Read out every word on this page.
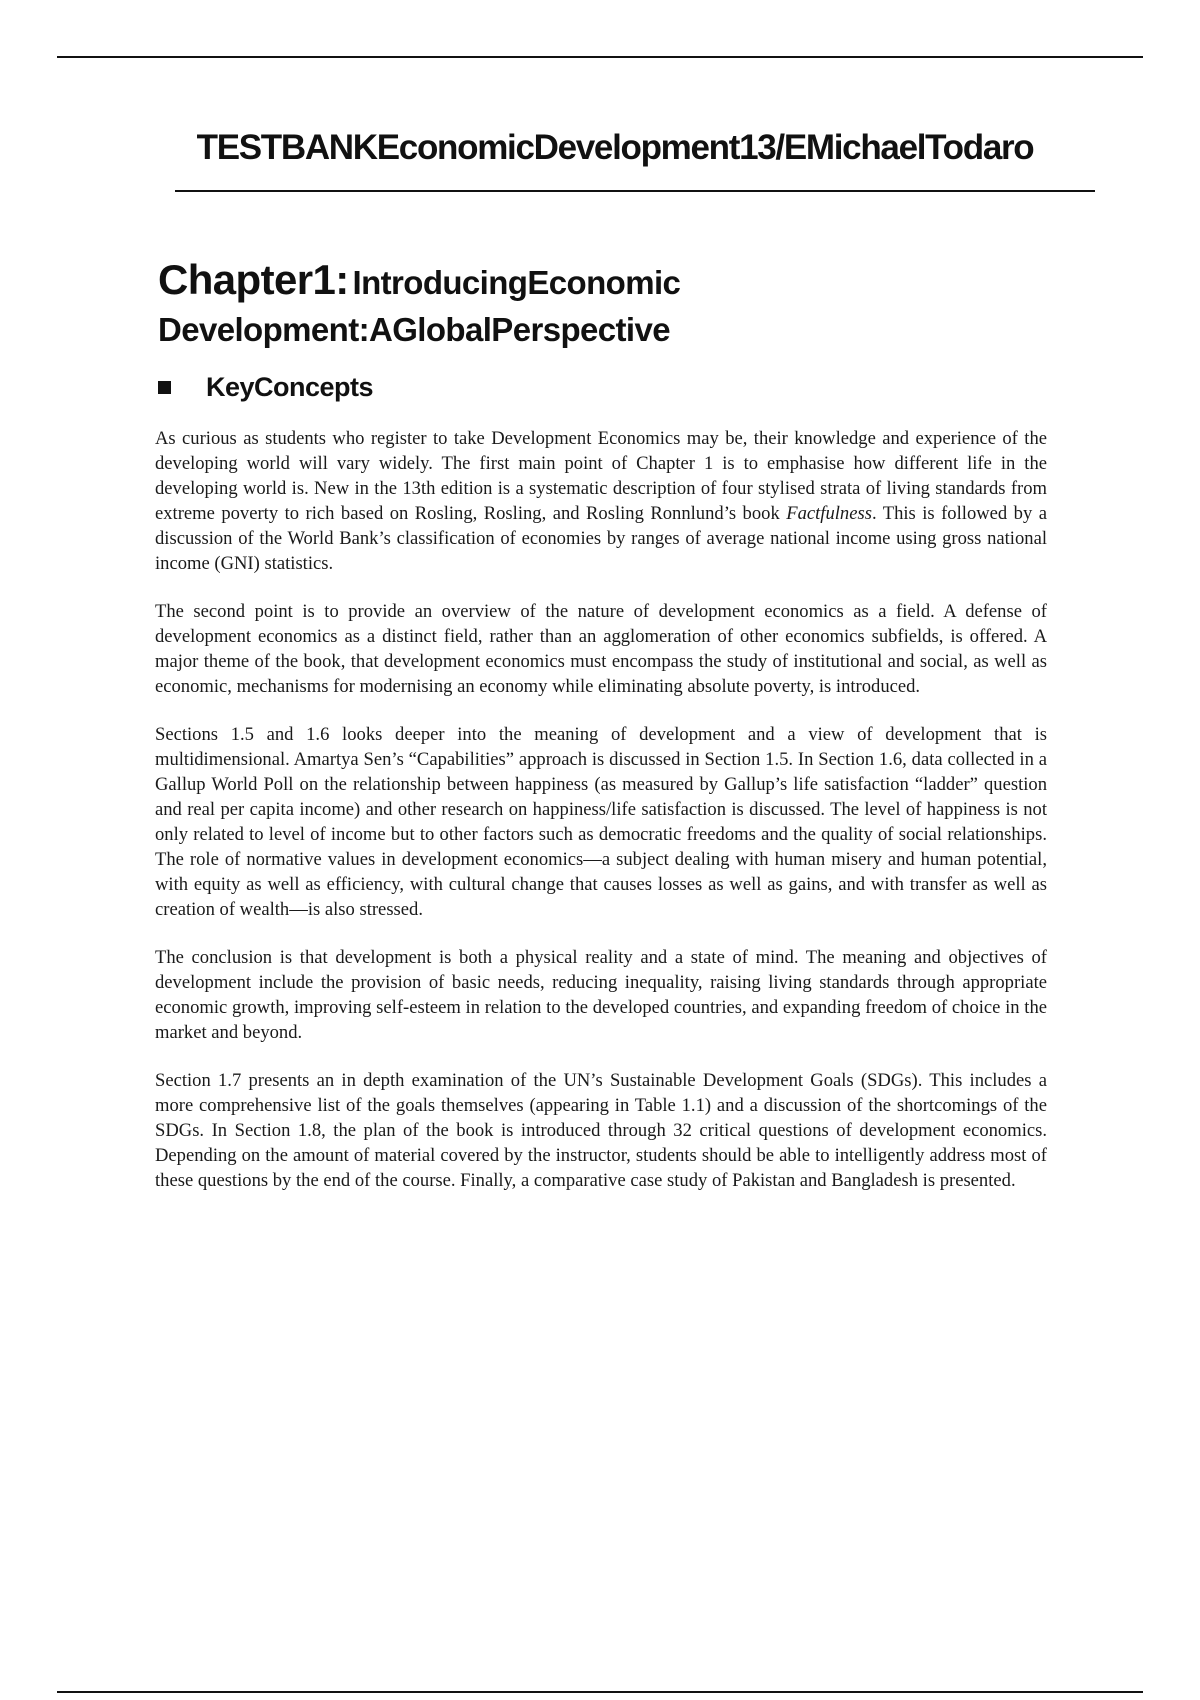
TESTBANKEconomicDevelopment13/EMichaelTodaro
Chapter1: IntroducingEconomic
Development:AGlobalPerspective
KeyConcepts

As curious as students who register to take Development Economics may be, their knowledge and experience of the developing world will vary widely. The first main point of Chapter 1 is to emphasise how different life in the developing world is. New in the 13th edition is a systematic description of four stylised strata of living standards from extreme poverty to rich based on Rosling, Rosling, and Rosling Ronnlund’s book Factfulness. This is followed by a discussion of the World Bank’s classification of economies by ranges of average national income using gross national income (GNI) statistics.

The second point is to provide an overview of the nature of development economics as a field. A defense of development economics as a distinct field, rather than an agglomeration of other economics subfields, is offered. A major theme of the book, that development economics must encompass the study of institutional and social, as well as economic, mechanisms for modernising an economy while eliminating absolute poverty, is introduced.

Sections 1.5 and 1.6 looks deeper into the meaning of development and a view of development that is multidimensional. Amartya Sen’s “Capabilities” approach is discussed in Section 1.5. In Section 1.6, data collected in a Gallup World Poll on the relationship between happiness (as measured by Gallup’s life satisfaction “ladder” question and real per capita income) and other research on happiness/life satisfaction is discussed. The level of happiness is not only related to level of income but to other factors such as democratic freedoms and the quality of social relationships. The role of normative values in development economics—a subject dealing with human misery and human potential, with equity as well as efficiency, with cultural change that causes losses as well as gains, and with transfer as well as creation of wealth—is also stressed.

The conclusion is that development is both a physical reality and a state of mind. The meaning and objectives of development include the provision of basic needs, reducing inequality, raising living standards through appropriate economic growth, improving self-esteem in relation to the developed countries, and expanding freedom of choice in the market and beyond.

Section 1.7 presents an in depth examination of the UN’s Sustainable Development Goals (SDGs). This includes a more comprehensive list of the goals themselves (appearing in Table 1.1) and a discussion of the shortcomings of the SDGs. In Section 1.8, the plan of the book is introduced through 32 critical questions of development economics. Depending on the amount of material covered by the instructor, students should be able to intelligently address most of these questions by the end of the course. Finally, a comparative case study of Pakistan and Bangladesh is presented.
